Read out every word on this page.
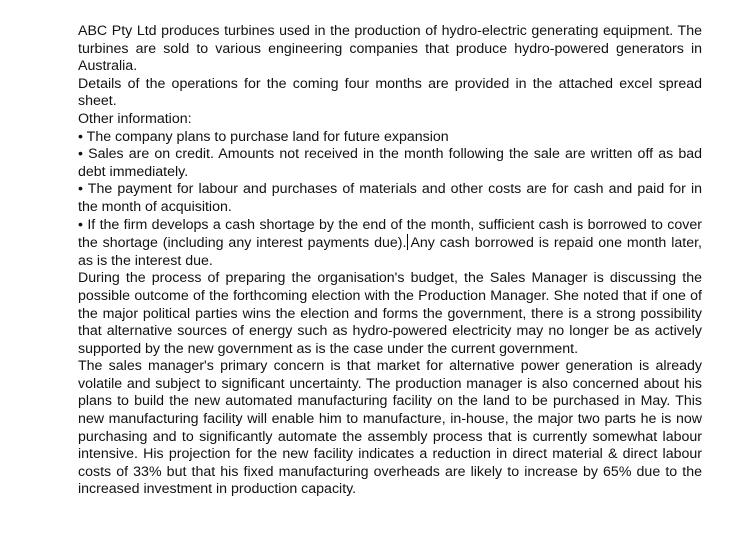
ABC Pty Ltd produces turbines used in the production of hydro-electric generating equipment. The turbines are sold to various engineering companies that produce hydro-powered generators in Australia.

Details of the operations for the coming four months are provided in the attached excel spread sheet.

Other information:

• The company plans to purchase land for future expansion

• Sales are on credit. Amounts not received in the month following the sale are written off as bad debt immediately.

• The payment for labour and purchases of materials and other costs are for cash and paid for in the month of acquisition.

• If the firm develops a cash shortage by the end of the month, sufficient cash is borrowed to cover the shortage (including any interest payments due). Any cash borrowed is repaid one month later, as is the interest due.

During the process of preparing the organisation's budget, the Sales Manager is discussing the possible outcome of the forthcoming election with the Production Manager. She noted that if one of the major political parties wins the election and forms the government, there is a strong possibility that alternative sources of energy such as hydro-powered electricity may no longer be as actively supported by the new government as is the case under the current government.

The sales manager's primary concern is that market for alternative power generation is already volatile and subject to significant uncertainty. The production manager is also concerned about his plans to build the new automated manufacturing facility on the land to be purchased in May. This new manufacturing facility will enable him to manufacture, in-house, the major two parts he is now purchasing and to significantly automate the assembly process that is currently somewhat labour intensive. His projection for the new facility indicates a reduction in direct material & direct labour costs of 33% but that his fixed manufacturing overheads are likely to increase by 65% due to the increased investment in production capacity.
